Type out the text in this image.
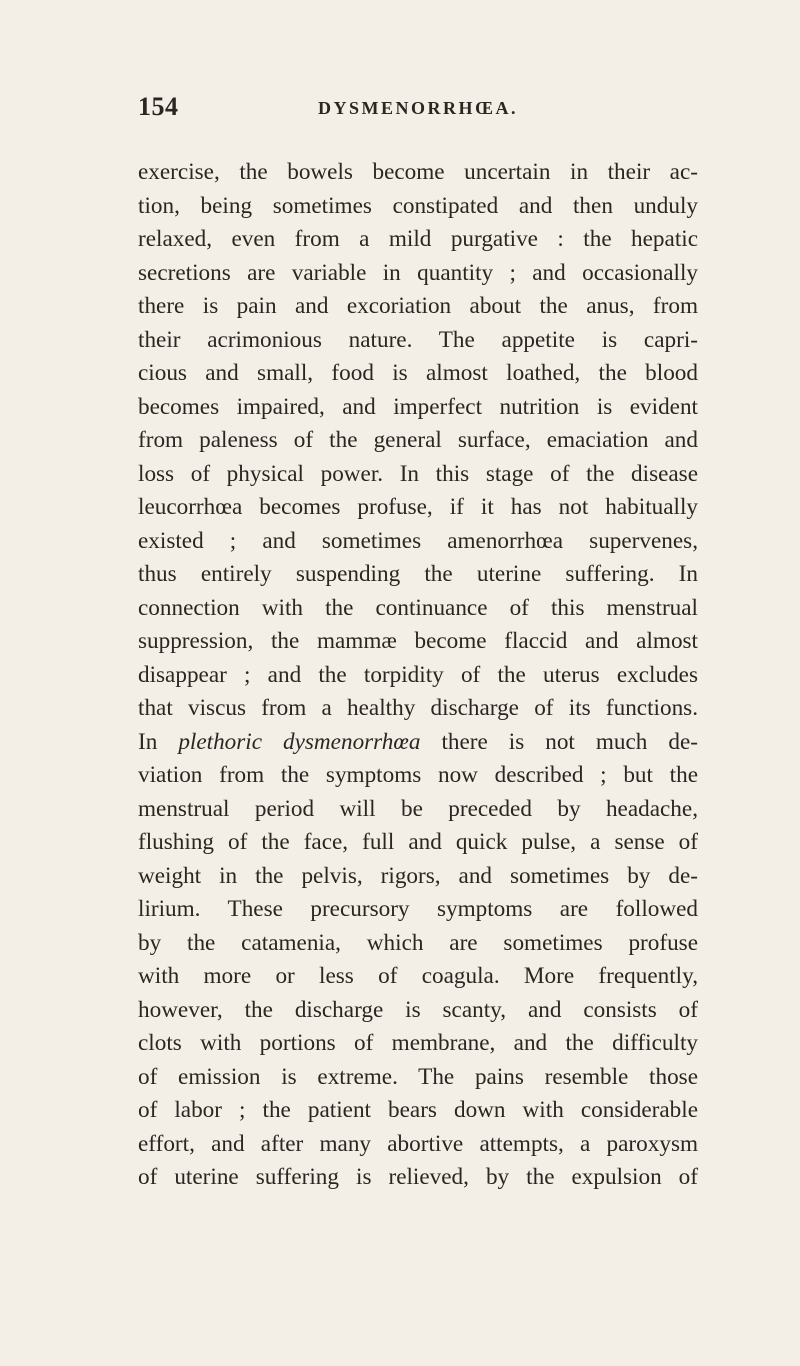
154	DYSMENORRHŒA.
exercise, the bowels become uncertain in their ac-
tion, being sometimes constipated and then unduly
relaxed, even from a mild purgative : the hepatic
secretions are variable in quantity ; and occasionally
there is pain and excoriation about the anus, from
their acrimonious nature. The appetite is capri-
cious and small, food is almost loathed, the blood
becomes impaired, and imperfect nutrition is evident
from paleness of the general surface, emaciation and
loss of physical power. In this stage of the disease
leucorrhœa becomes profuse, if it has not habitually
existed ; and sometimes amenorrhœa supervenes,
thus entirely suspending the uterine suffering. In
connection with the continuance of this menstrual
suppression, the mammæ become flaccid and almost
disappear ; and the torpidity of the uterus excludes
that viscus from a healthy discharge of its functions.
In plethoric dysmenorrhœa there is not much de-
viation from the symptoms now described ; but the
menstrual period will be preceded by headache,
flushing of the face, full and quick pulse, a sense of
weight in the pelvis, rigors, and sometimes by de-
lirium. These precursory symptoms are followed
by the catamenia, which are sometimes profuse
with more or less of coagula. More frequently,
however, the discharge is scanty, and consists of
clots with portions of membrane, and the difficulty
of emission is extreme. The pains resemble those
of labor ; the patient bears down with considerable
effort, and after many abortive attempts, a paroxysm
of uterine suffering is relieved, by the expulsion of
